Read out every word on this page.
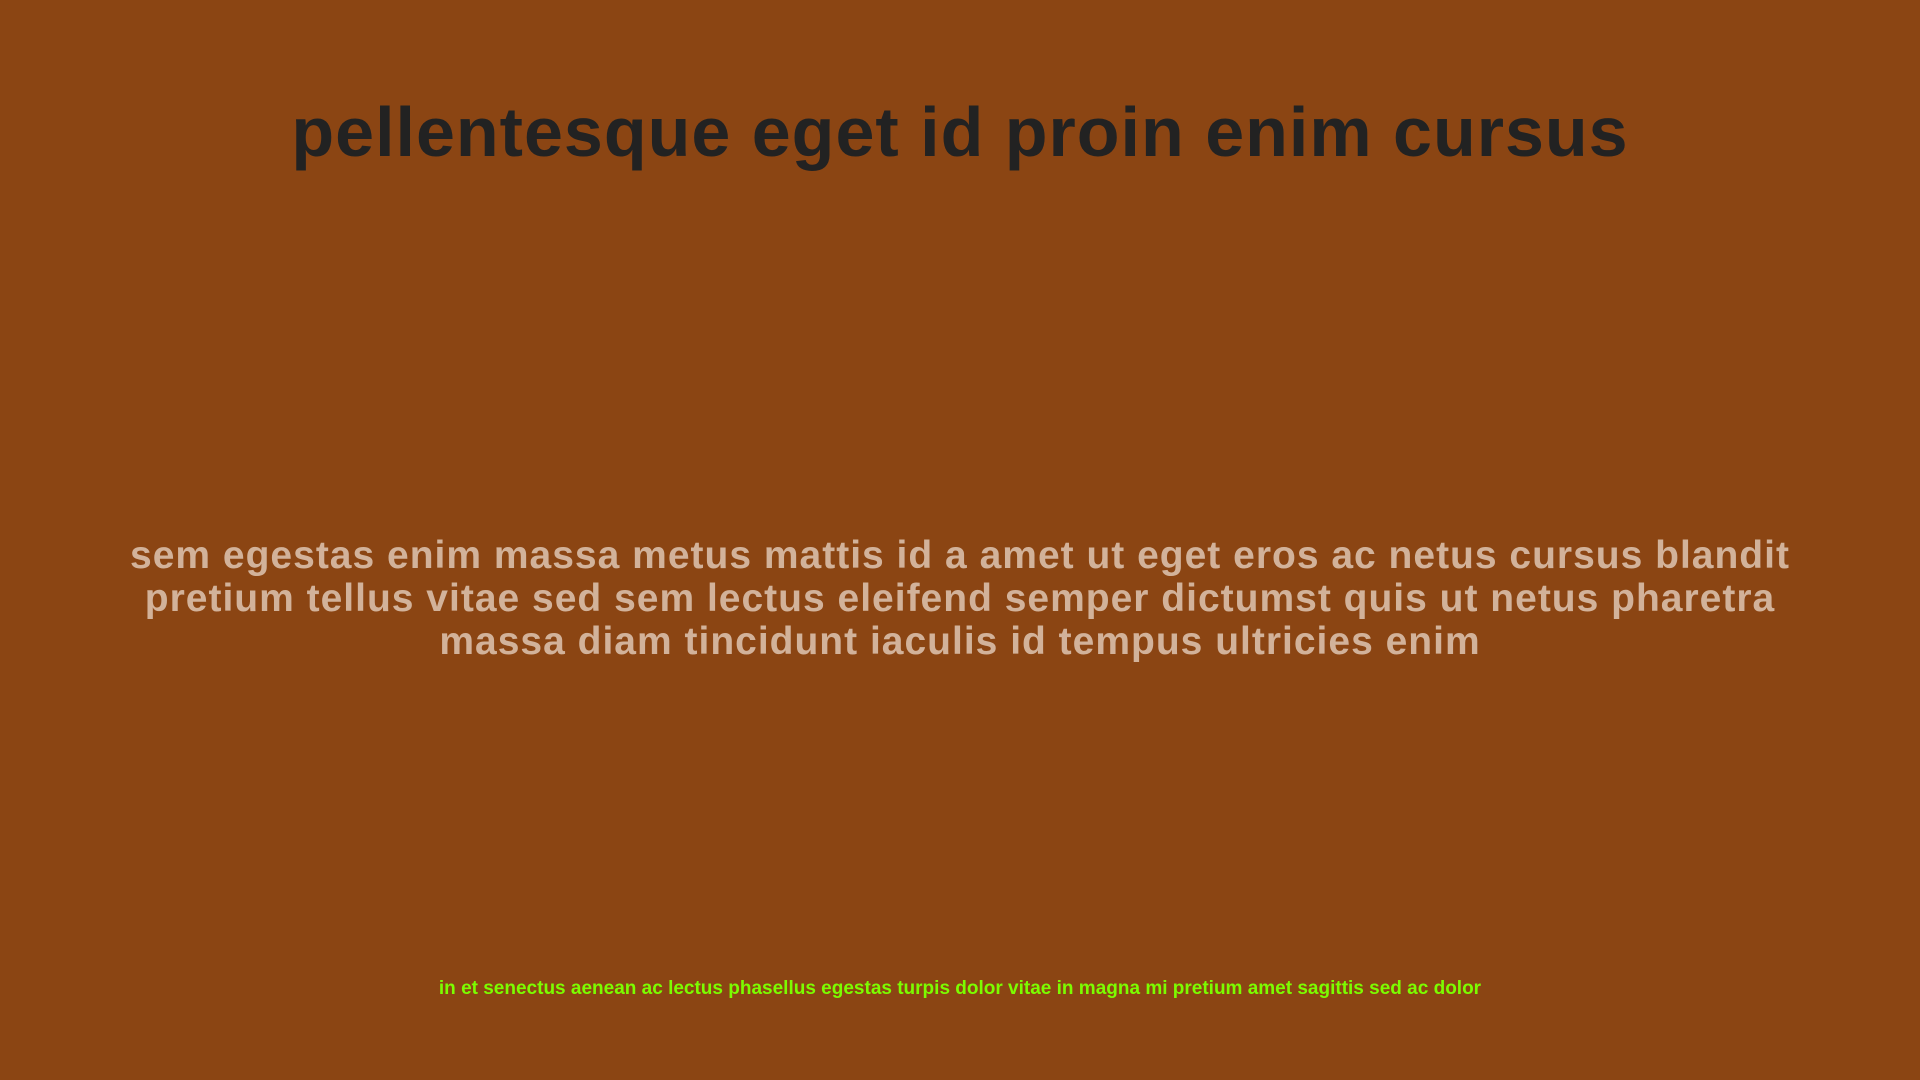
pellentesque eget id proin enim cursus

sem egestas enim massa metus mattis id a amet ut eget eros ac netus cursus blandit pretium tellus vitae sed sem lectus eleifend semper dictumst quis ut netus pharetra massa diam tincidunt iaculis id tempus ultricies enim

in et senectus aenean ac lectus phasellus egestas turpis dolor vitae in magna mi pretium amet sagittis sed ac dolor
